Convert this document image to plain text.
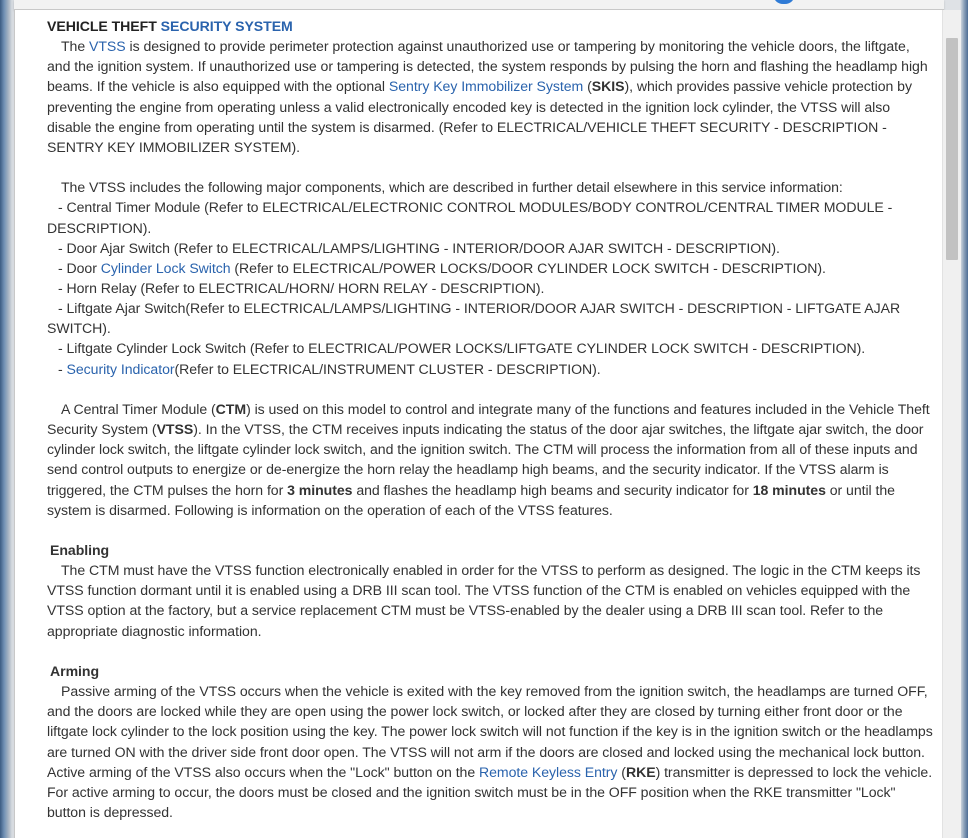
VEHICLE THEFT SECURITY SYSTEM

The VTSS is designed to provide perimeter protection against unauthorized use or tampering by monitoring the vehicle doors, the liftgate, and the ignition system. If unauthorized use or tampering is detected, the system responds by pulsing the horn and flashing the headlamp high beams. If the vehicle is also equipped with the optional Sentry Key Immobilizer System (SKIS), which provides passive vehicle protection by preventing the engine from operating unless a valid electronically encoded key is detected in the ignition lock cylinder, the VTSS will also disable the engine from operating until the system is disarmed. (Refer to ELECTRICAL/VEHICLE THEFT SECURITY - DESCRIPTION - SENTRY KEY IMMOBILIZER SYSTEM).

The VTSS includes the following major components, which are described in further detail elsewhere in this service information:

- Central Timer Module (Refer to ELECTRICAL/ELECTRONIC CONTROL MODULES/BODY CONTROL/CENTRAL TIMER MODULE - DESCRIPTION).

- Door Ajar Switch (Refer to ELECTRICAL/LAMPS/LIGHTING - INTERIOR/DOOR AJAR SWITCH - DESCRIPTION).

- Door Cylinder Lock Switch (Refer to ELECTRICAL/POWER LOCKS/DOOR CYLINDER LOCK SWITCH - DESCRIPTION).

- Horn Relay (Refer to ELECTRICAL/HORN/ HORN RELAY - DESCRIPTION).

- Liftgate Ajar Switch(Refer to ELECTRICAL/LAMPS/LIGHTING - INTERIOR/DOOR AJAR SWITCH - DESCRIPTION - LIFTGATE AJAR SWITCH).

- Liftgate Cylinder Lock Switch (Refer to ELECTRICAL/POWER LOCKS/LIFTGATE CYLINDER LOCK SWITCH - DESCRIPTION).

- Security Indicator(Refer to ELECTRICAL/INSTRUMENT CLUSTER - DESCRIPTION).

A Central Timer Module (CTM) is used on this model to control and integrate many of the functions and features included in the Vehicle Theft Security System (VTSS). In the VTSS, the CTM receives inputs indicating the status of the door ajar switches, the liftgate ajar switch, the door cylinder lock switch, the liftgate cylinder lock switch, and the ignition switch. The CTM will process the information from all of these inputs and send control outputs to energize or de-energize the horn relay the headlamp high beams, and the security indicator. If the VTSS alarm is triggered, the CTM pulses the horn for 3 minutes and flashes the headlamp high beams and security indicator for 18 minutes or until the system is disarmed. Following is information on the operation of each of the VTSS features.

Enabling

The CTM must have the VTSS function electronically enabled in order for the VTSS to perform as designed. The logic in the CTM keeps its VTSS function dormant until it is enabled using a DRB III scan tool. The VTSS function of the CTM is enabled on vehicles equipped with the VTSS option at the factory, but a service replacement CTM must be VTSS-enabled by the dealer using a DRB III scan tool. Refer to the appropriate diagnostic information.

Arming

Passive arming of the VTSS occurs when the vehicle is exited with the key removed from the ignition switch, the headlamps are turned OFF, and the doors are locked while they are open using the power lock switch, or locked after they are closed by turning either front door or the liftgate lock cylinder to the lock position using the key. The power lock switch will not function if the key is in the ignition switch or the headlamps are turned ON with the driver side front door open. The VTSS will not arm if the doors are closed and locked using the mechanical lock button. Active arming of the VTSS also occurs when the "Lock" button on the Remote Keyless Entry (RKE) transmitter is depressed to lock the vehicle. For active arming to occur, the doors must be closed and the ignition switch must be in the OFF position when the RKE transmitter "Lock" button is depressed.
